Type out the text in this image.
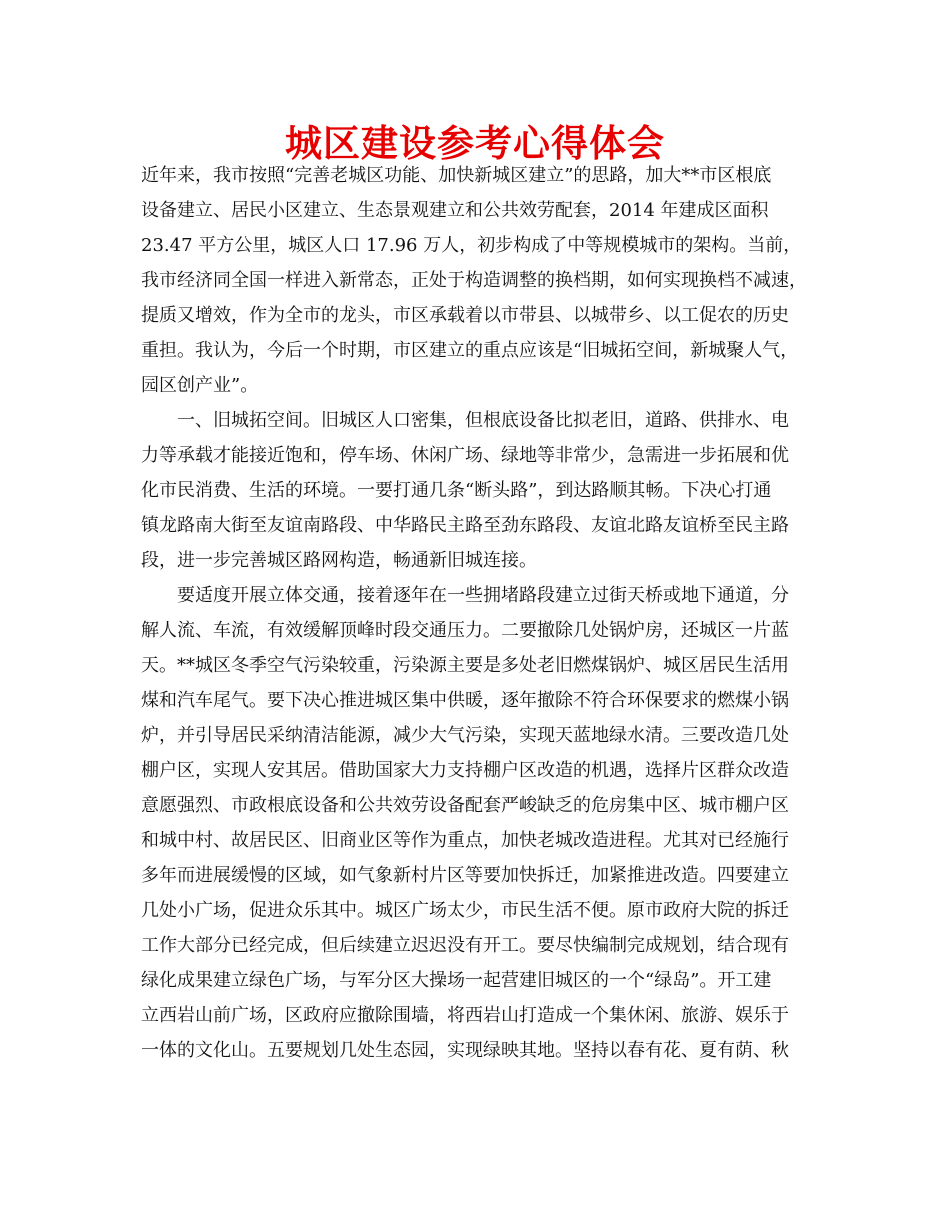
城区建设参考心得体会
近年来，我市按照“完善老城区功能、加快新城区建立”的思路，加大**市区根底
设备建立、居民小区建立、生态景观建立和公共效劳配套，2014 年建成区面积
23.47 平方公里，城区人口 17.96 万人，初步构成了中等规模城市的架构。当前，
我市经济同全国一样进入新常态，正处于构造调整的换档期，如何实现换档不减速，
提质又增效，作为全市的龙头，市区承载着以市带县、以城带乡、以工促农的历史
重担。我认为，今后一个时期，市区建立的重点应该是“旧城拓空间，新城聚人气，
园区创产业”。
一、旧城拓空间。旧城区人口密集，但根底设备比拟老旧，道路、供排水、电
力等承载才能接近饱和，停车场、休闲广场、绿地等非常少，急需进一步拓展和优
化市民消费、生活的环境。一要打通几条“断头路”，到达路顺其畅。下决心打通
镇龙路南大街至友谊南路段、中华路民主路至劲东路段、友谊北路友谊桥至民主路
段，进一步完善城区路网构造，畅通新旧城连接。
要适度开展立体交通，接着逐年在一些拥堵路段建立过街天桥或地下通道，分
解人流、车流，有效缓解顶峰时段交通压力。二要撤除几处锅炉房，还城区一片蓝
天。**城区冬季空气污染较重，污染源主要是多处老旧燃煤锅炉、城区居民生活用
煤和汽车尾气。要下决心推进城区集中供暖，逐年撤除不符合环保要求的燃煤小锅
炉，并引导居民采纳清洁能源，减少大气污染，实现天蓝地绿水清。三要改造几处
棚户区，实现人安其居。借助国家大力支持棚户区改造的机遇，选择片区群众改造
意愿强烈、市政根底设备和公共效劳设备配套严峻缺乏的危房集中区、城市棚户区
和城中村、故居民区、旧商业区等作为重点，加快老城改造进程。尤其对已经施行
多年而进展缓慢的区域，如气象新村片区等要加快拆迁，加紧推进改造。四要建立
几处小广场，促进众乐其中。城区广场太少，市民生活不便。原市政府大院的拆迁
工作大部分已经完成，但后续建立迟迟没有开工。要尽快编制完成规划，结合现有
绿化成果建立绿色广场，与军分区大操场一起营建旧城区的一个“绿岛”。开工建
立西岩山前广场，区政府应撤除围墙，将西岩山打造成一个集休闲、旅游、娱乐于
一体的文化山。五要规划几处生态园，实现绿映其地。坚持以春有花、夏有荫、秋
